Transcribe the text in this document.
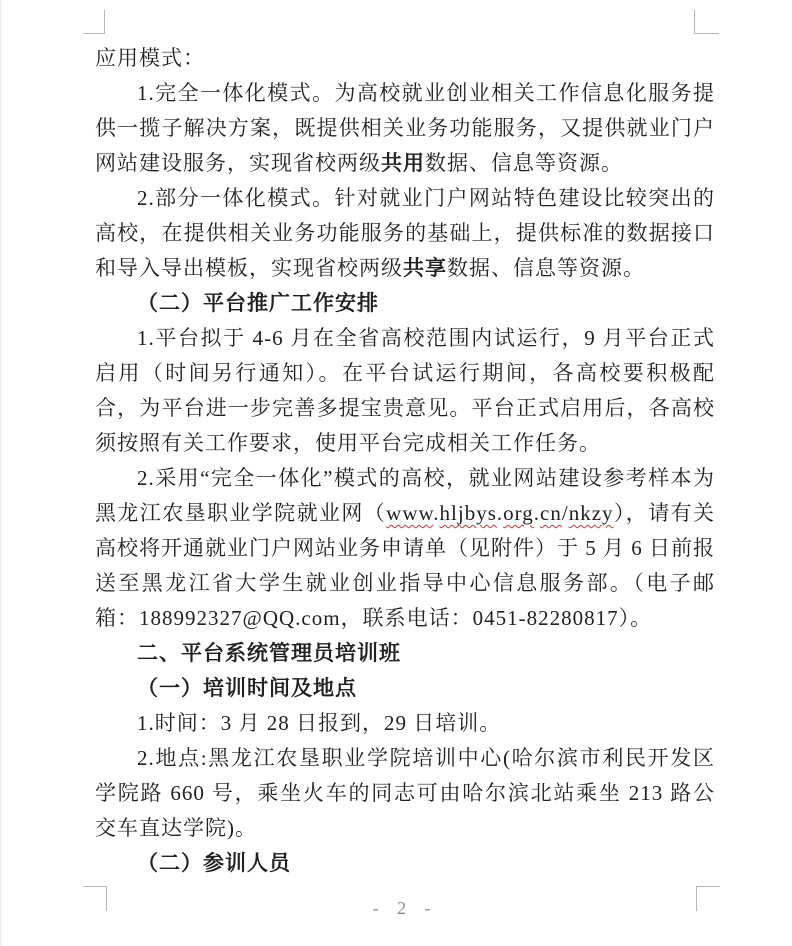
应用模式：

1.完全一体化模式。为高校就业创业相关工作信息化服务提供一揽子解决方案，既提供相关业务功能服务，又提供就业门户网站建设服务，实现省校两级共用数据、信息等资源。

2.部分一体化模式。针对就业门户网站特色建设比较突出的高校，在提供相关业务功能服务的基础上，提供标准的数据接口和导入导出模板，实现省校两级共享数据、信息等资源。

（二）平台推广工作安排

1.平台拟于 4-6 月在全省高校范围内试运行，9 月平台正式启用（时间另行通知）。在平台试运行期间，各高校要积极配合，为平台进一步完善多提宝贵意见。平台正式启用后，各高校须按照有关工作要求，使用平台完成相关工作任务。

2.采用“完全一体化”模式的高校，就业网站建设参考样本为黑龙江农垦职业学院就业网（www.hljbys.org.cn/nkzy），请有关高校将开通就业门户网站业务申请单（见附件）于 5 月 6 日前报送至黑龙江省大学生就业创业指导中心信息服务部。（电子邮箱：188992327@QQ.com，联系电话：0451-82280817）。

二、平台系统管理员培训班

（一）培训时间及地点

1.时间：3 月 28 日报到，29 日培训。

2.地点:黑龙江农垦职业学院培训中心(哈尔滨市利民开发区学院路 660 号，乘坐火车的同志可由哈尔滨北站乘坐 213 路公交车直达学院)。

（二）参训人员

- 2 -
